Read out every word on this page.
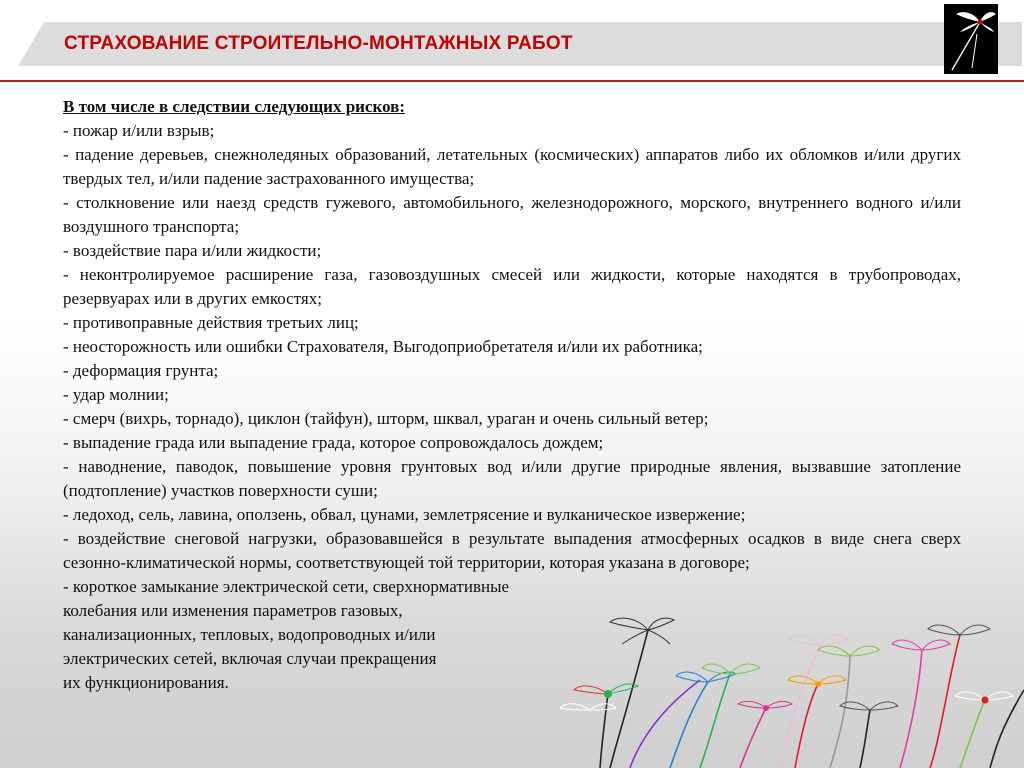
СТРАХОВАНИЕ СТРОИТЕЛЬНО-МОНТАЖНЫХ РАБОТ

В том числе в следствии следующих рисков:

- пожар и/или взрыв;

- падение деревьев, снежноледяных образований, летательных (космических) аппаратов либо их обломков и/или других твердых тел, и/или падение застрахованного имущества;

- столкновение или наезд средств гужевого, автомобильного, железнодорожного, морского, внутреннего водного и/или воздушного транспорта;

- воздействие пара и/или жидкости;

- неконтролируемое расширение газа, газовоздушных смесей или жидкости, которые находятся в трубопроводах, резервуарах или в других емкостях;

- противоправные действия третьих лиц;

- неосторожность или ошибки Страхователя, Выгодоприобретателя и/или их работника;

- деформация грунта;

- удар молнии;

- смерч (вихрь, торнадо), циклон (тайфун), шторм, шквал, ураган и очень сильный ветер;

- выпадение града или выпадение града, которое сопровождалось дождем;

- наводнение, паводок, повышение уровня грунтовых вод и/или другие природные явления, вызвавшие затопление (подтопление) участков поверхности суши;

- ледоход, сель, лавина, оползень, обвал, цунами, землетрясение и вулканическое извержение;

- воздействие снеговой нагрузки, образовавшейся в результате выпадения атмосферных осадков в виде снега сверх сезонно-климатической нормы, соответствующей той территории, которая указана в договоре;

- короткое замыкание электрической сети, сверхнормативные

колебания или изменения параметров газовых,

канализационных, тепловых, водопроводных и/или

электрических сетей, включая случаи прекращения

их функционирования.
